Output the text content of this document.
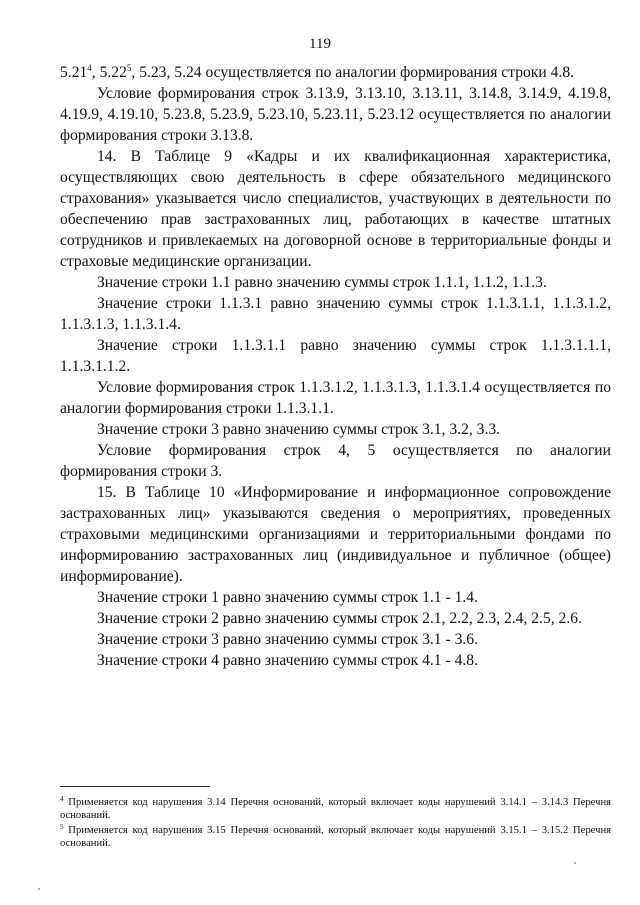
119

5.21$^4$, 5.22$^5$, 5.23, 5.24 осуществляется по аналогии формирования строки 4.8.

Условие формирования строк 3.13.9, 3.13.10, 3.13.11, 3.14.8, 3.14.9, 4.19.8, 4.19.9, 4.19.10, 5.23.8, 5.23.9, 5.23.10, 5.23.11, 5.23.12 осуществляется по аналогии формирования строки 3.13.8.

14. В Таблице 9 «Кадры и их квалификационная характеристика, осуществляющих свою деятельность в сфере обязательного медицинского страхования» указывается число специалистов, участвующих в деятельности по обеспечению прав застрахованных лиц, работающих в качестве штатных сотрудников и привлекаемых на договорной основе в территориальные фонды и страховые медицинские организации.

Значение строки 1.1 равно значению суммы строк 1.1.1, 1.1.2, 1.1.3.

Значение строки 1.1.3.1 равно значению суммы строк 1.1.3.1.1, 1.1.3.1.2, 1.1.3.1.3, 1.1.3.1.4.

Значение строки 1.1.3.1.1 равно значению суммы строк 1.1.3.1.1.1, 1.1.3.1.1.2.

Условие формирования строк 1.1.3.1.2, 1.1.3.1.3, 1.1.3.1.4 осуществляется по аналогии формирования строки 1.1.3.1.1.

Значение строки 3 равно значению суммы строк 3.1, 3.2, 3.3.

Условие формирования строк 4, 5 осуществляется по аналогии формирования строки 3.

15. В Таблице 10 «Информирование и информационное сопровождение застрахованных лиц» указываются сведения о мероприятиях, проведенных страховыми медицинскими организациями и территориальными фондами по информированию застрахованных лиц (индивидуальное и публичное (общее) информирование).

Значение строки 1 равно значению суммы строк 1.1 - 1.4.

Значение строки 2 равно значению суммы строк 2.1, 2.2, 2.3, 2.4, 2.5, 2.6.

Значение строки 3 равно значению суммы строк 3.1 - 3.6.

Значение строки 4 равно значению суммы строк 4.1 - 4.8.

$^4$ Применяется код нарушения 3.14 Перечня оснований, который включает коды нарушений 3.14.1 – 3.14.3 Перечня оснований.

$^5$ Применяется код нарушения 3.15 Перечня оснований, который включает коды нарушений 3.15.1 – 3.15.2 Перечня оснований.
